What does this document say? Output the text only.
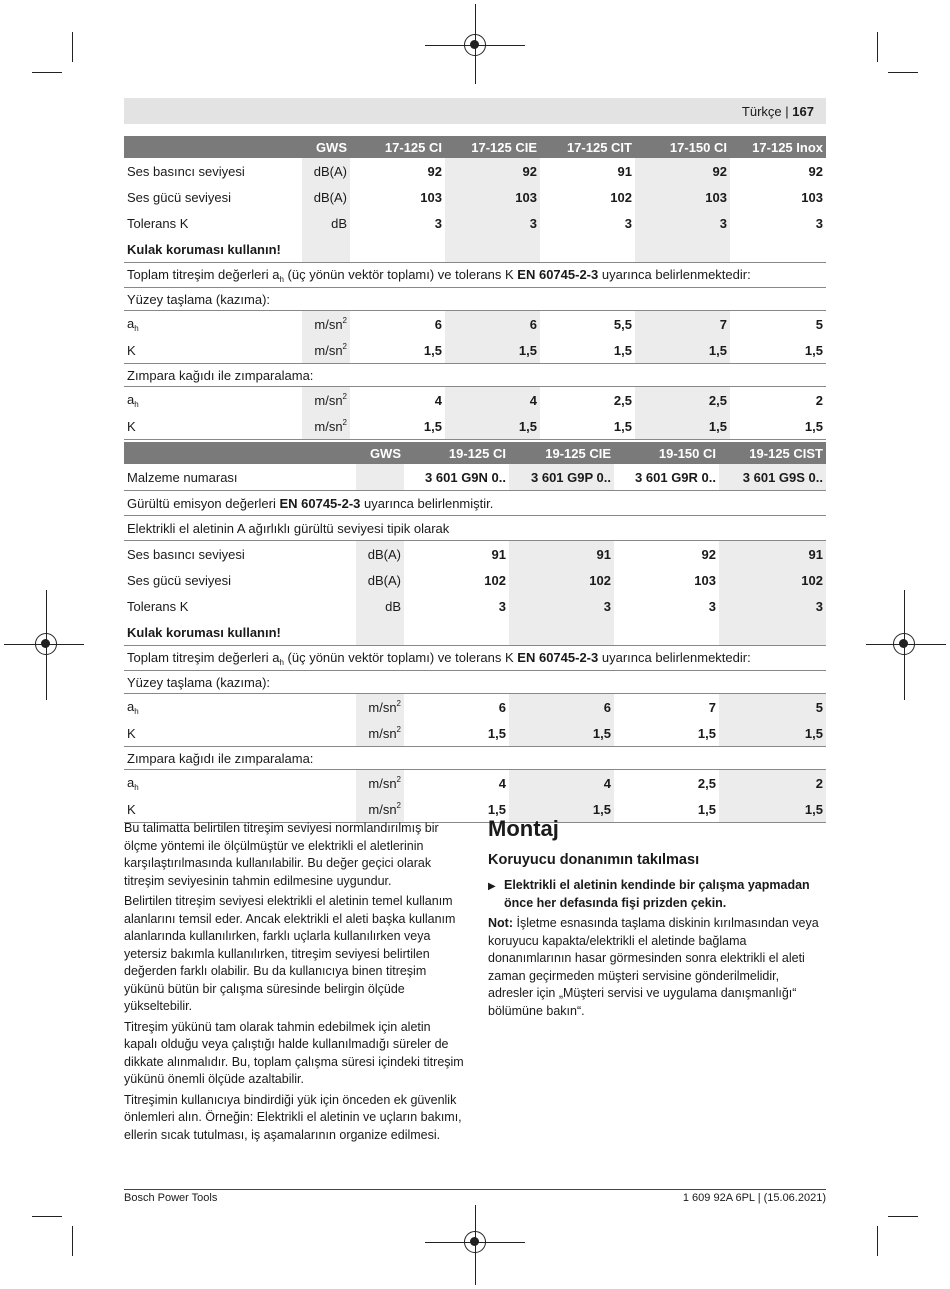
Türkçe | 167
	GWS	17-125 CI	17-125 CIE	17-125 CIT	17-150 CI	17-125 Inox
Ses basıncı seviyesi	dB(A)	92	92	91	92	92
Ses gücü seviyesi	dB(A)	103	103	102	103	103
Tolerans K	dB	3	3	3	3	3
Kulak koruması kullanın!						
Toplam titreşim değerleri $a_h$ (üç yönün vektör toplamı) ve tolerans K EN 60745-2-3 uyarınca belirlenmektedir:						
Yüzey taşlama (kazıma):						
$a_h$	$m/sn^2$	6	6	5,5	7	5
K	$m/sn^2$	1,5	1,5	1,5	1,5	1,5
Zımpara kağıdı ile zımparalama:						
$a_h$	$m/sn^2$	4	4	2,5	2,5	2
K	$m/sn^2$	1,5	1,5	1,5	1,5	1,5
	GWS	19-125 CI	19-125 CIE	19-150 CI	19-125 CIST
Malzeme numarası		3 601 G9N 0..	3 601 G9P 0..	3 601 G9R 0..	3 601 G9S 0..
Gürültü emisyon değerleri EN 60745-2-3 uyarınca belirlenmiştir.					
Elektrikli el aletinin A ağırlıklı gürültü seviyesi tipik olarak					
Ses basıncı seviyesi	dB(A)	91	91	92	91
Ses gücü seviyesi	dB(A)	102	102	103	102
Tolerans K	dB	3	3	3	3
Kulak koruması kullanın!					
Toplam titreşim değerleri $a_h$ (üç yönün vektör toplamı) ve tolerans K EN 60745-2-3 uyarınca belirlenmektedir:					
Yüzey taşlama (kazıma):					
$a_h$	$m/sn^2$	6	6	7	5
K	$m/sn^2$	1,5	1,5	1,5	1,5
Zımpara kağıdı ile zımparalama:					
$a_h$	$m/sn^2$	4	4	2,5	2
K	$m/sn^2$	1,5	1,5	1,5	1,5

Bu talimatta belirtilen titreşim seviyesi normlandırılmış bir ölçme yöntemi ile ölçülmüştür ve elektrikli el aletlerinin karşılaştırılmasında kullanılabilir. Bu değer geçici olarak titreşim seviyesinin tahmin edilmesine uygundur.

Belirtilen titreşim seviyesi elektrikli el aletinin temel kullanım alanlarını temsil eder. Ancak elektrikli el aleti başka kullanım alanlarında kullanılırken, farklı uçlarla kullanılırken veya yetersiz bakımla kullanılırken, titreşim seviyesi belirtilen değerden farklı olabilir. Bu da kullanıcıya binen titreşim yükünü bütün bir çalışma süresinde belirgin ölçüde yükseltebilir.

Titreşim yükünü tam olarak tahmin edebilmek için aletin kapalı olduğu veya çalıştığı halde kullanılmadığı süreler de dikkate alınmalıdır. Bu, toplam çalışma süresi içindeki titreşim yükünü önemli ölçüde azaltabilir.

Titreşimin kullanıcıya bindirdiği yük için önceden ek güvenlik önlemleri alın. Örneğin: Elektrikli el aletinin ve uçların bakımı, ellerin sıcak tutulması, iş aşamalarının organize edilmesi.

Montaj
Koruyucu donanımın takılması
▶ Elektrikli el aletinin kendinde bir çalışma yapmadan önce her defasında fişi prizden çekin.

Not: İşletme esnasında taşlama diskinin kırılmasından veya koruyucu kapakta/elektrikli el aletinde bağlama donanımlarının hasar görmesinden sonra elektrikli el aleti zaman geçirmeden müşteri servisine gönderilmelidir, adresler için „Müşteri servisi ve uygulama danışmanlığı“ bölümüne bakın“.

Bosch Power Tools	1 609 92A 6PL | (15.06.2021)
